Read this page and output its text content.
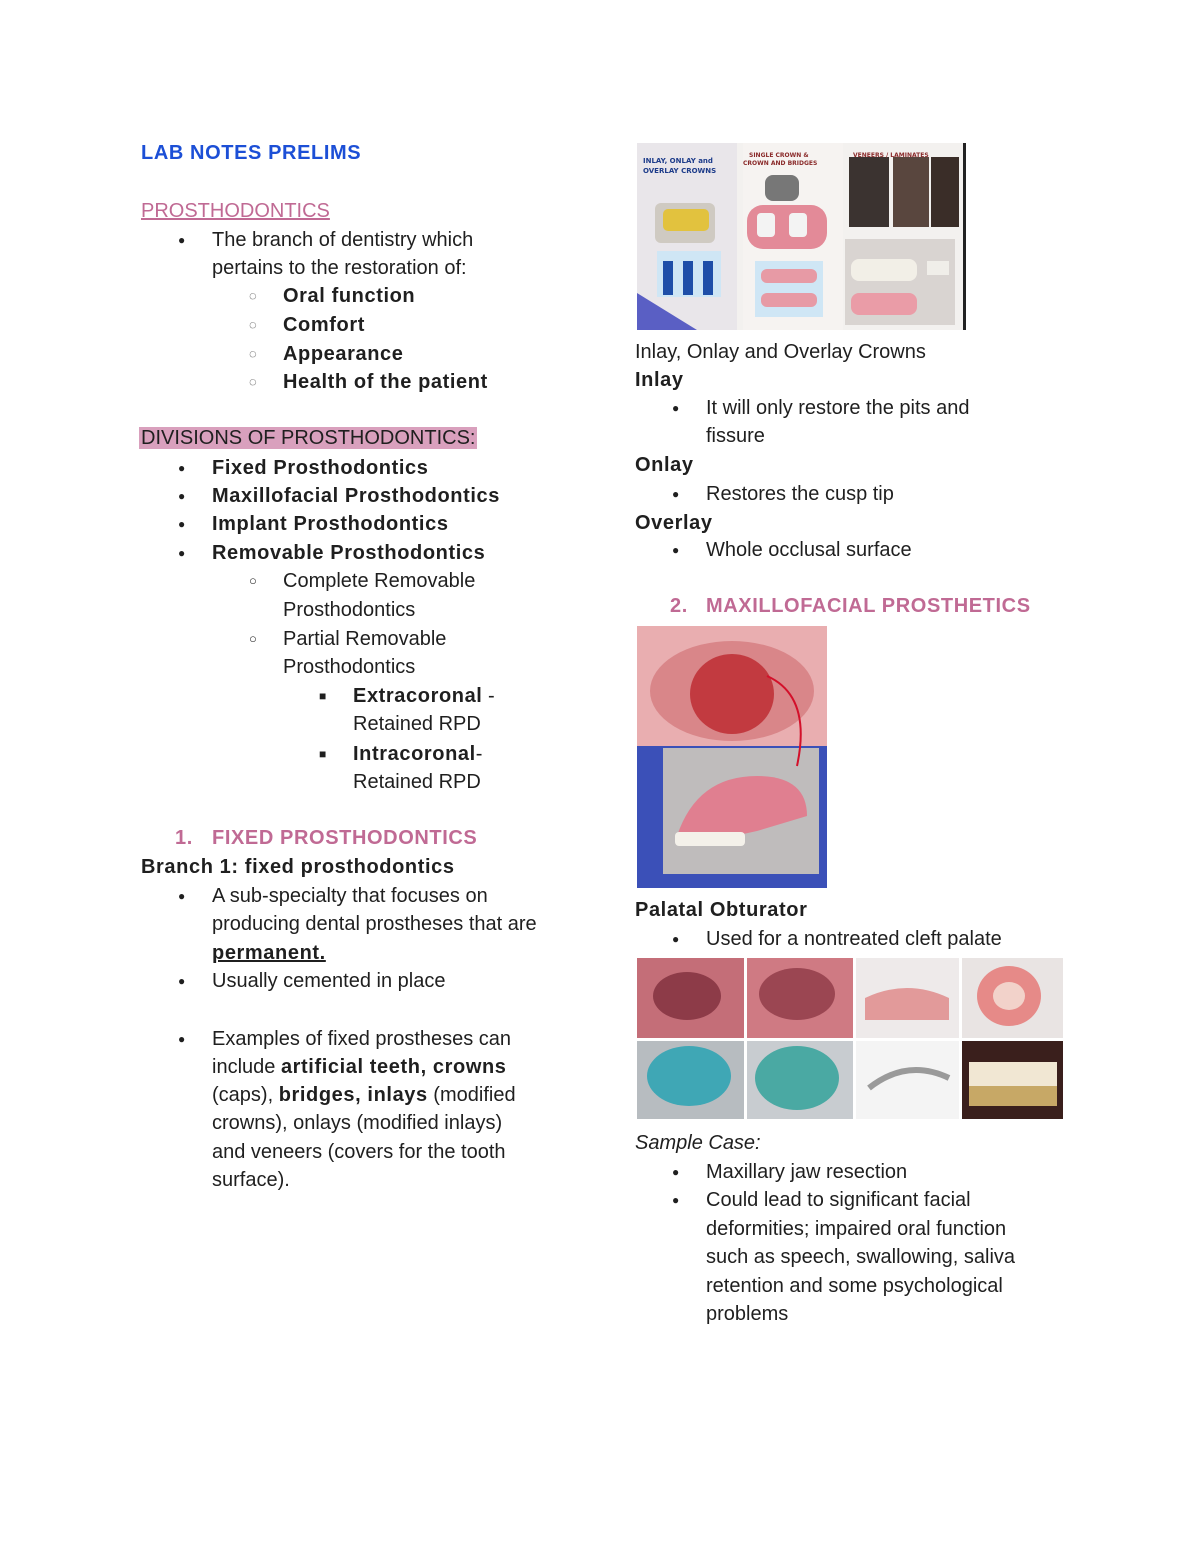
LAB NOTES PRELIMS
PROSTHODONTICS
● The branch of dentistry which
pertains to the restoration of:
◌ Oral function
◌ Comfort
◌ Appearance
◌ Health of the patient
DIVISIONS OF PROSTHODONTICS:
● Fixed Prosthodontics
● Maxillofacial Prosthodontics
● Implant Prosthodontics
● Removable Prosthodontics
○ Complete Removable
Prosthodontics
○ Partial Removable
Prosthodontics
■ Extracoronal -
Retained RPD
■ Intracoronal-
Retained RPD
1. FIXED PROSTHODONTICS
Branch 1: fixed prosthodontics
● A sub-specialty that focuses on
producing dental prostheses that are
permanent.
● Usually cemented in place
● Examples of fixed prostheses can
include artificial teeth, crowns
(caps), bridges, inlays (modified
crowns), onlays (modified inlays)
and veneers (covers for the tooth
surface).
INLAY, ONLAY and
OVERLAY CROWNS
SINGLE CROWN &
CROWN AND BRIDGES
VENEERS / LAMINATES
Inlay, Onlay and Overlay Crowns
Inlay
● It will only restore the pits and
fissure
Onlay
● Restores the cusp tip
Overlay
● Whole occlusal surface
2. MAXILLOFACIAL PROSTHETICS
Palatal Obturator
● Used for a nontreated cleft palate
Sample Case:
● Maxillary jaw resection
● Could lead to significant facial
deformities; impaired oral function
such as speech, swallowing, saliva
retention and some psychological
problems
